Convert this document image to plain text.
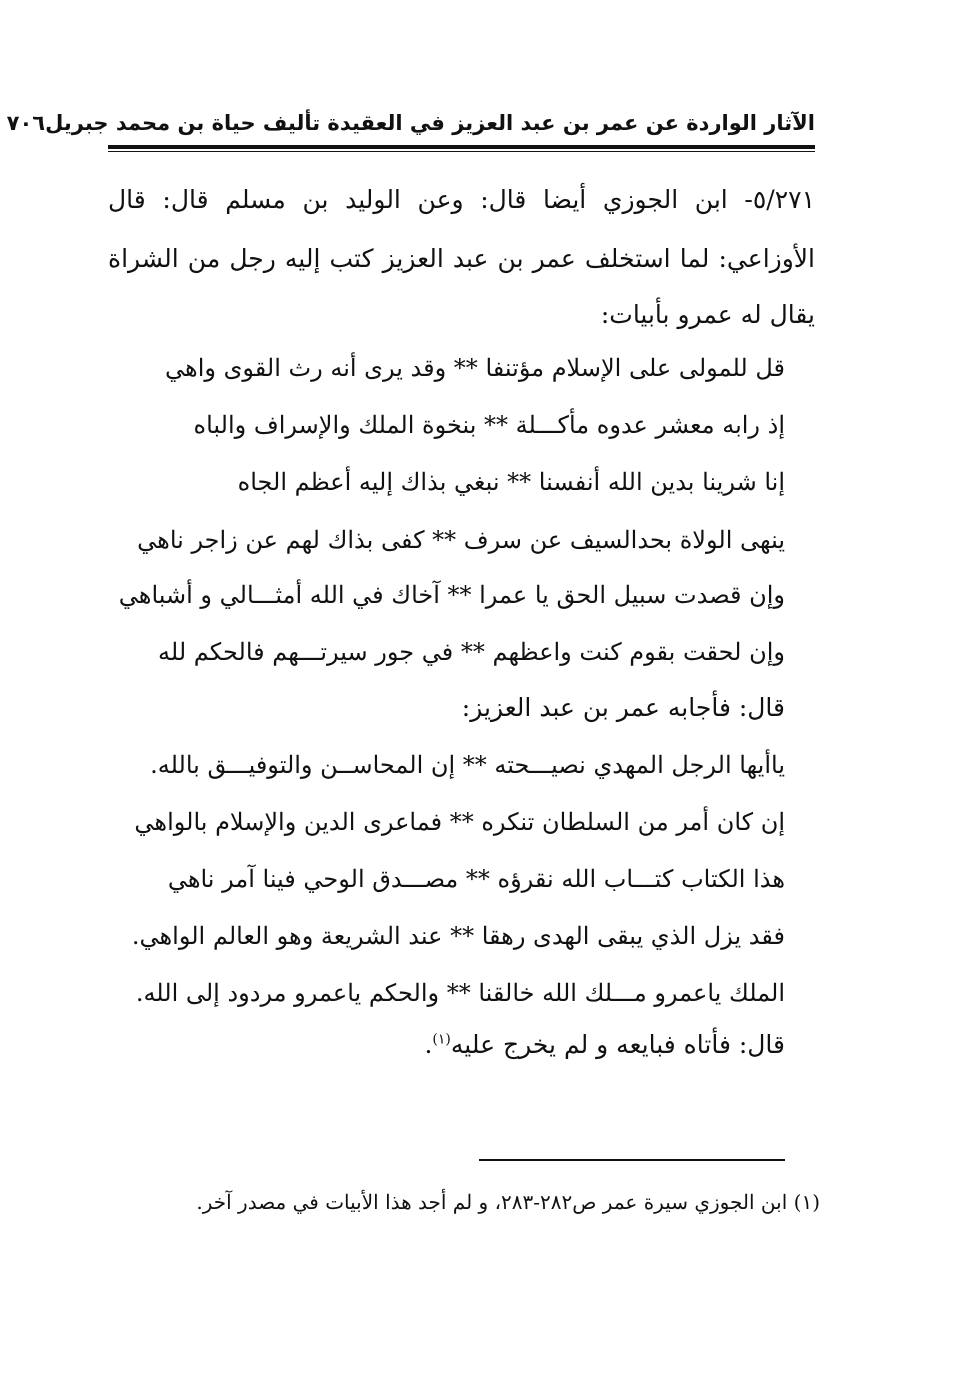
الآثار الواردة عن عمر بن عبد العزيز في العقيدة تأليف حياة بن محمد جبريل
٧٠٦
٥/٢٧١- ابن الجوزي أيضا قال: وعن الوليد بن مسلم قال: قال
الأوزاعي: لما استخلف عمر بن عبد العزيز كتب إليه رجل من الشراة
يقال له عمرو بأبيات:
قل للمولى على الإسلام مؤتنفا ** وقد يرى أنه رث القوى واهي
إذ رابه معشر عدوه مأكـــلة ** بنخوة الملك والإسراف والباه
إنا شرينا بدين الله أنفسنا ** نبغي بذاك إليه أعظم الجاه
ينهى الولاة بحدالسيف عن سرف ** كفى بذاك لهم عن زاجر ناهي
وإن قصدت سبيل الحق يا عمرا ** آخاك في الله أمثـــالي و أشباهي
وإن لحقت بقوم كنت واعظهم ** في جور سيرتـــهم فالحكم لله
قال: فأجابه عمر بن عبد العزيز:
ياأيها الرجل المهدي نصيـــحته ** إن المحاســن والتوفيـــق بالله.
إن كان أمر من السلطان تنكره ** فماعرى الدين والإسلام بالواهي
هذا الكتاب كتـــاب الله نقرؤه ** مصـــدق الوحي فينا آمر ناهي
فقد يزل الذي يبقى الهدى رهقا ** عند الشريعة وهو العالم الواهي.
الملك ياعمرو مـــلك الله خالقنا ** والحكم ياعمرو مردود إلى الله.
قال: فأتاه فبايعه و لم يخرج عليه$^{(١)}$.
(١) ابن الجوزي سيرة عمر ص٢٨٢-٢٨٣، و لم أجد هذا الأبيات في مصدر آخر.
